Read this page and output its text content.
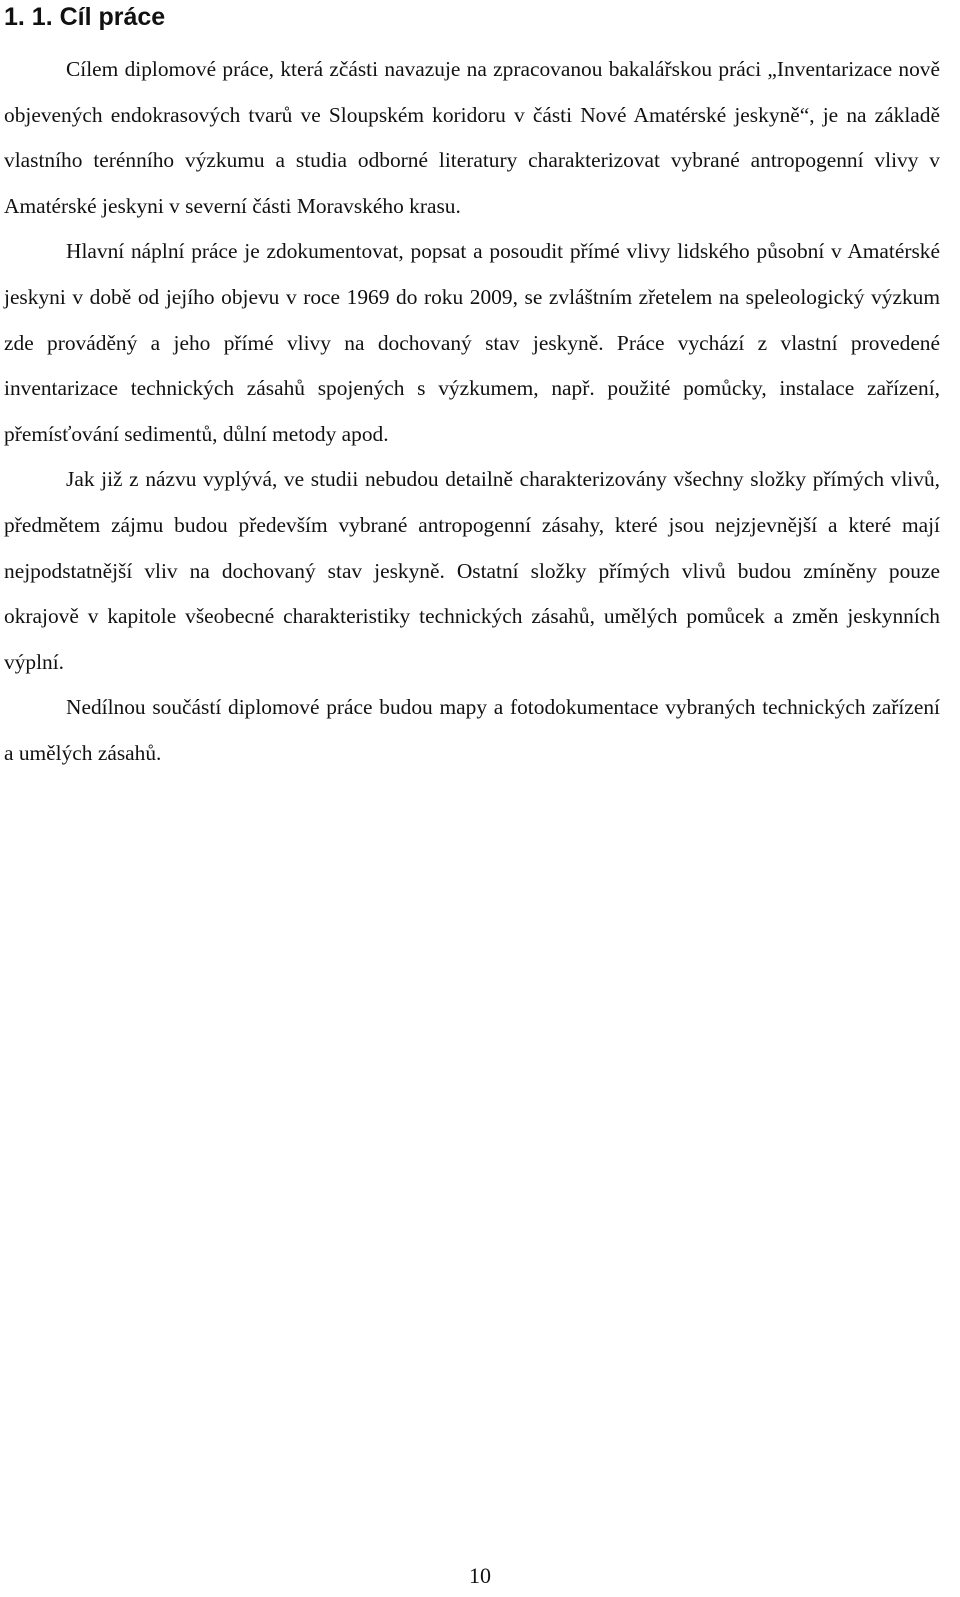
1. 1. Cíl práce

Cílem diplomové práce, která zčásti navazuje na zpracovanou bakalářskou práci „Inventarizace nově objevených endokrasových tvarů ve Sloupském koridoru v části Nové Amatérské jeskyně“, je na základě vlastního terénního výzkumu a studia odborné literatury charakterizovat vybrané antropogenní vlivy v Amatérské jeskyni v severní části Moravského krasu.

Hlavní náplní práce je zdokumentovat, popsat a posoudit přímé vlivy lidského působní v Amatérské jeskyni v době od jejího objevu v roce 1969 do roku 2009, se zvláštním zřetelem na speleologický výzkum zde prováděný a jeho přímé vlivy na dochovaný stav jeskyně. Práce vychází z vlastní provedené inventarizace technických zásahů spojených s výzkumem, např. použité pomůcky, instalace zařízení, přemísťování sedimentů, důlní metody apod.

Jak již z názvu vyplývá, ve studii nebudou detailně charakterizovány všechny složky přímých vlivů, předmětem zájmu budou především vybrané antropogenní zásahy, které jsou nejzjevnější a které mají nejpodstatnější vliv na dochovaný stav jeskyně. Ostatní složky přímých vlivů budou zmíněny pouze okrajově v kapitole všeobecné charakteristiky technických zásahů, umělých pomůcek a změn jeskynních výplní.

Nedílnou součástí diplomové práce budou mapy a fotodokumentace vybraných technických zařízení a umělých zásahů.

10
